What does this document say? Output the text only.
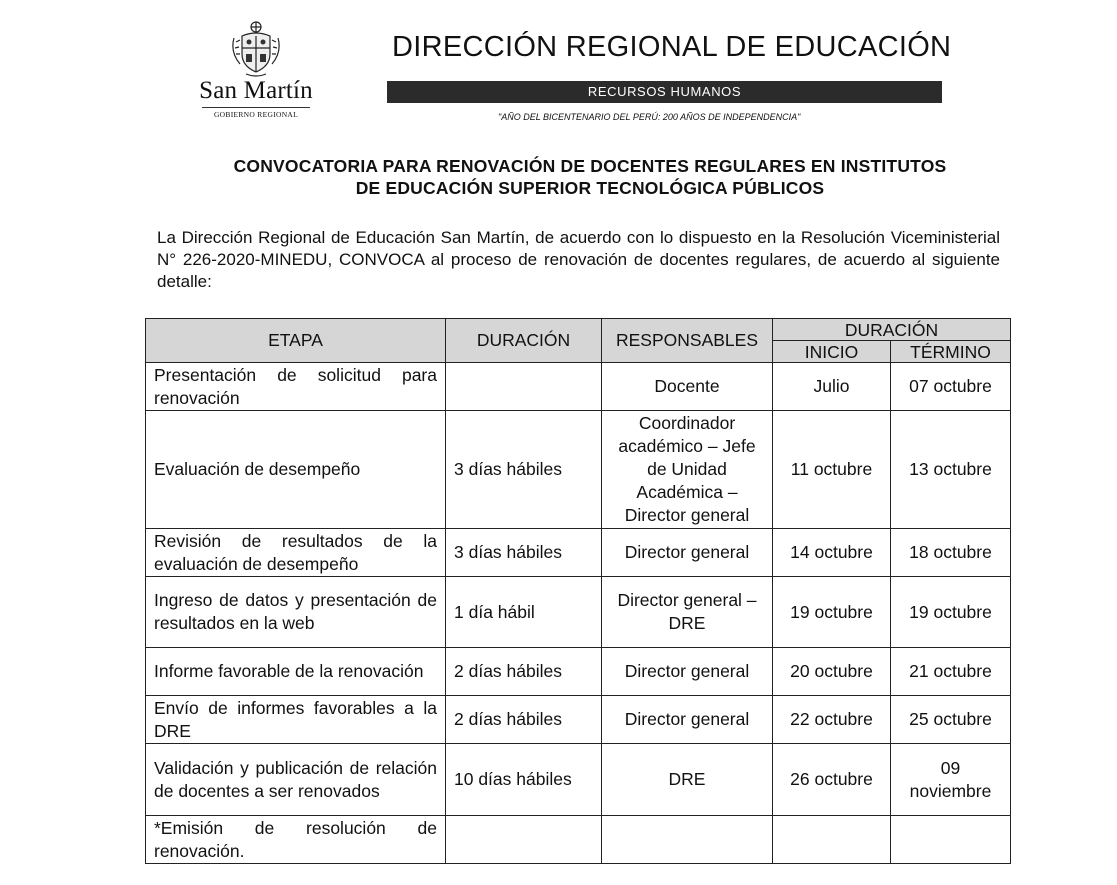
San Martín
GOBIERNO REGIONAL
DIRECCIÓN REGIONAL DE EDUCACIÓN
RECURSOS HUMANOS
"AÑO DEL BICENTENARIO DEL PERÚ: 200 AÑOS DE INDEPENDENCIA"
CONVOCATORIA PARA RENOVACIÓN DE DOCENTES REGULARES EN INSTITUTOS
DE EDUCACIÓN SUPERIOR TECNOLÓGICA PÚBLICOS
La Dirección Regional de Educación San Martín, de acuerdo con lo dispuesto en la Resolución Viceministerial N° 226-2020-MINEDU, CONVOCA al proceso de renovación de docentes regulares, de acuerdo al siguiente detalle:
ETAPA	DURACIÓN	RESPONSABLES	DURACIÓN	
			INICIO	TÉRMINO
Presentación de solicitud para renovación		Docente	Julio	07 octubre
Evaluación de desempeño	3 días hábiles	Coordinador académico – Jefe de Unidad Académica – Director general	11 octubre	13 octubre
Revisión de resultados de la evaluación de desempeño	3 días hábiles	Director general	14 octubre	18 octubre
Ingreso de datos y presentación de resultados en la web	1 día hábil	Director general – DRE	19 octubre	19 octubre
Informe favorable de la renovación	2 días hábiles	Director general	20 octubre	21 octubre
Envío de informes favorables a la DRE	2 días hábiles	Director general	22 octubre	25 octubre
Validación y publicación de relación de docentes a ser renovados	10 días hábiles	DRE	26 octubre	09 noviembre
*Emisión de resolución de renovación.				
